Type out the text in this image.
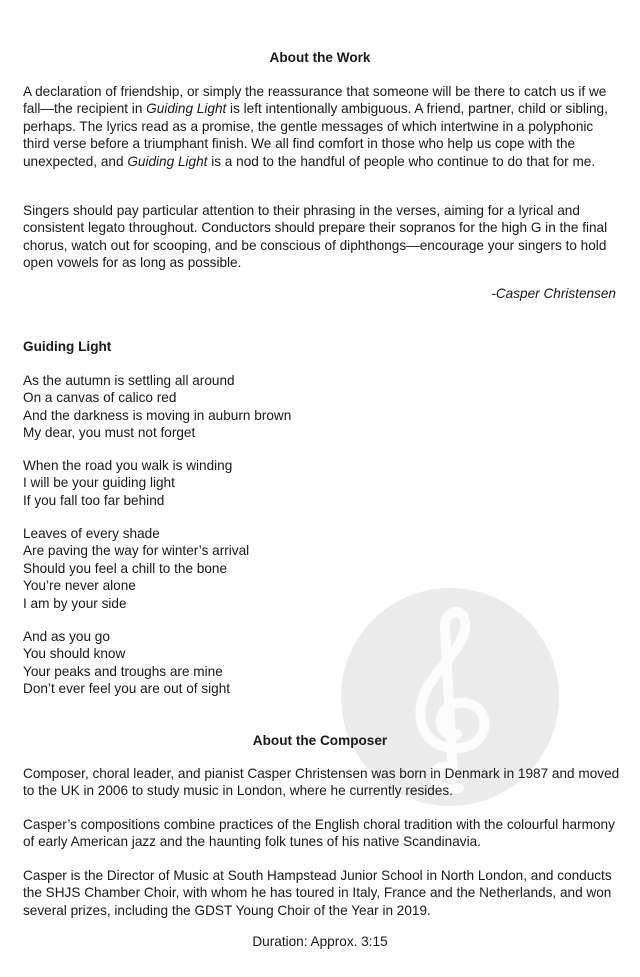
About the Work

A declaration of friendship, or simply the reassurance that someone will be there to catch us if we fall—the recipient in Guiding Light is left intentionally ambiguous. A friend, partner, child or sibling, perhaps. The lyrics read as a promise, the gentle messages of which intertwine in a polyphonic third verse before a triumphant finish. We all find comfort in those who help us cope with the unexpected, and Guiding Light is a nod to the handful of people who continue to do that for me.

Singers should pay particular attention to their phrasing in the verses, aiming for a lyrical and consistent legato throughout. Conductors should prepare their sopranos for the high G in the final chorus, watch out for scooping, and be conscious of diphthongs—encourage your singers to hold open vowels for as long as possible.

-Casper Christensen
Guiding Light
As the autumn is settling all around
On a canvas of calico red
And the darkness is moving in auburn brown
My dear, you must not forget
When the road you walk is winding
I will be your guiding light
If you fall too far behind
Leaves of every shade
Are paving the way for winter’s arrival
Should you feel a chill to the bone
You’re never alone
I am by your side
And as you go
You should know
Your peaks and troughs are mine
Don’t ever feel you are out of sight
About the Composer

Composer, choral leader, and pianist Casper Christensen was born in Denmark in 1987 and moved to the UK in 2006 to study music in London, where he currently resides.

Casper’s compositions combine practices of the English choral tradition with the colourful harmony of early American jazz and the haunting folk tunes of his native Scandinavia.

Casper is the Director of Music at South Hampstead Junior School in North London, and conducts the SHJS Chamber Choir, with whom he has toured in Italy, France and the Netherlands, and won several prizes, including the GDST Young Choir of the Year in 2019.

Duration: Approx. 3:15
